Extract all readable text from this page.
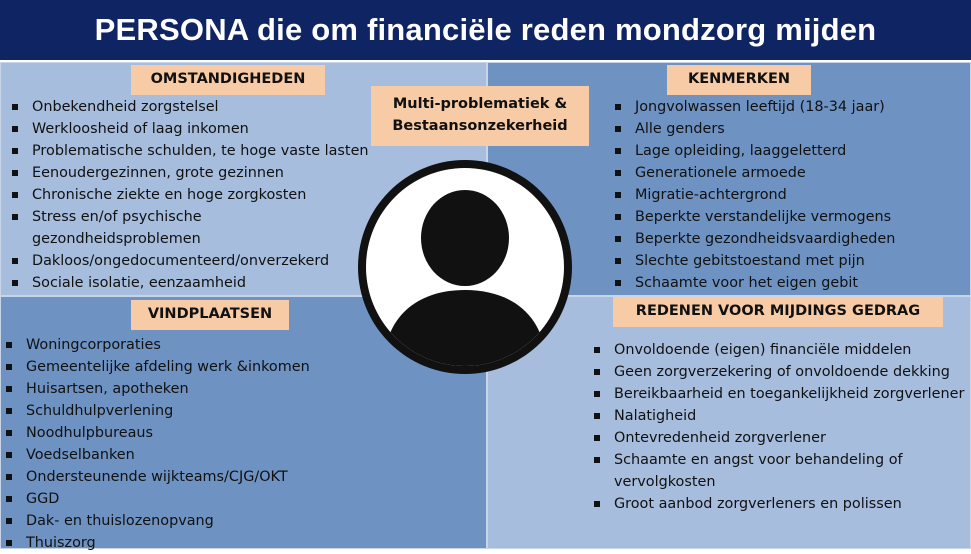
PERSONA die om financiële reden mondzorg mijden
OMSTANDIGHEDEN	KENMERKEN
VINDPLAATSEN	REDENEN VOOR MIJDINGS GEDRAG
Multi-problematiek &
Bestaansonzekerheid
Onbekendheid zorgstelsel
Werkloosheid of laag inkomen
Problematische schulden, te hoge vaste lasten
Eenoudergezinnen, grote gezinnen
Chronische ziekte en hoge zorgkosten
Stress en/of psychische gezondheidsproblemen
Dakloos/ongedocumenteerd/onverzekerd
Sociale isolatie, eenzaamheid
Jongvolwassen leeftijd (18-34 jaar)
Alle genders
Lage opleiding, laaggeletterd
Generationele armoede
Migratie-achtergrond
Beperkte verstandelijke vermogens
Beperkte gezondheidsvaardigheden
Slechte gebitstoestand met pijn
Schaamte voor het eigen gebit
Woningcorporaties
Gemeentelijke afdeling werk &inkomen
Huisartsen, apotheken
Schuldhulpverlening
Noodhulpbureaus
Voedselbanken
Ondersteunende wijkteams/CJG/OKT
GGD
Dak- en thuislozenopvang
Thuiszorg
Onvoldoende (eigen) financiële middelen
Geen zorgverzekering of onvoldoende dekking
Bereikbaarheid en toegankelijkheid zorgverlener
Nalatigheid
Ontevredenheid zorgverlener
Schaamte en angst voor behandeling of vervolgkosten
Groot aanbod zorgverleners en polissen
